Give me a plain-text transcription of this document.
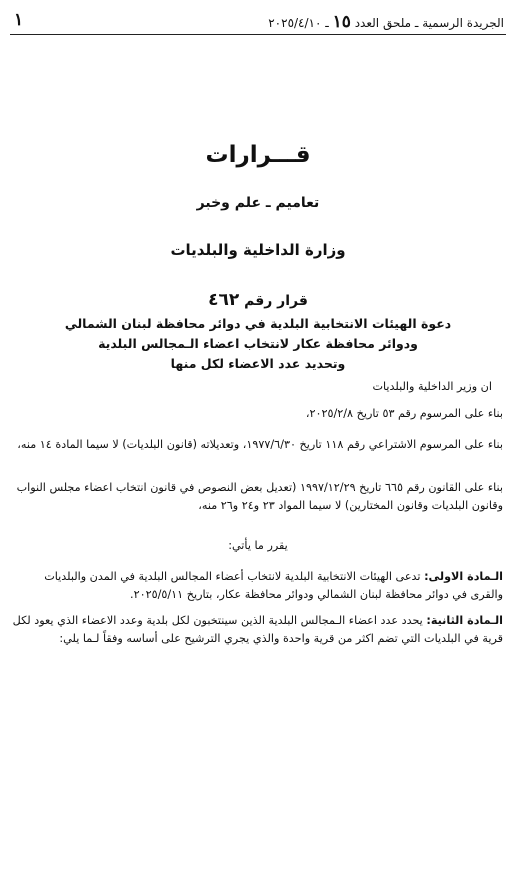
١	الجريدة الرسمية ـ ملحق العدد ١٥ ـ ٢٠٢٥/٤/١٠
قـــرارات
تعاميم ـ علم وخبر
وزارة الداخلية والبلديات
قرار رقم ٤٦٢
دعوة الهيئات الانتخابية البلدية في دوائر محافظة لبنان الشمالي
ودوائر محافظة عكار لانتخاب اعضاء الـمجالس البلدية
وتحديد عدد الاعضاء لكل منها
ان وزير الداخلية والبلديات
بناء على المرسوم رقم ٥٣ تاريخ ٢٠٢٥/٢/٨،
بناء على المرسوم الاشتراعي رقم ١١٨ تاريخ ١٩٧٧/٦/٣٠، وتعديلاته (قانون البلديات) لا سيما المادة ١٤ منه،
بناء على القانون رقم ٦٦٥ تاريخ ١٩٩٧/١٢/٢٩ (تعديل بعض النصوص في قانون انتخاب اعضاء مجلس النواب وقانون البلديات وقانون المختارين) لا سيما المواد ٢٣ و٢٤ و٢٦ منه،
يقرر ما يأتي:
الـمادة الاولى: تدعى الهيئات الانتخابية البلدية لانتخاب أعضاء المجالس البلدية في المدن والبلديات والقرى في دوائر محافظة لبنان الشمالي ودوائر محافظة عكار، بتاريخ ٢٠٢٥/٥/١١.
الـمادة الثانية: يحدد عدد اعضاء الـمجالس البلدية الذين سينتخبون لكل بلدية وعدد الاعضاء الذي يعود لكل قرية في البلديات التي تضم اكثر من قرية واحدة والذي يجري الترشيح على أساسه وفقاً لـما يلي:
